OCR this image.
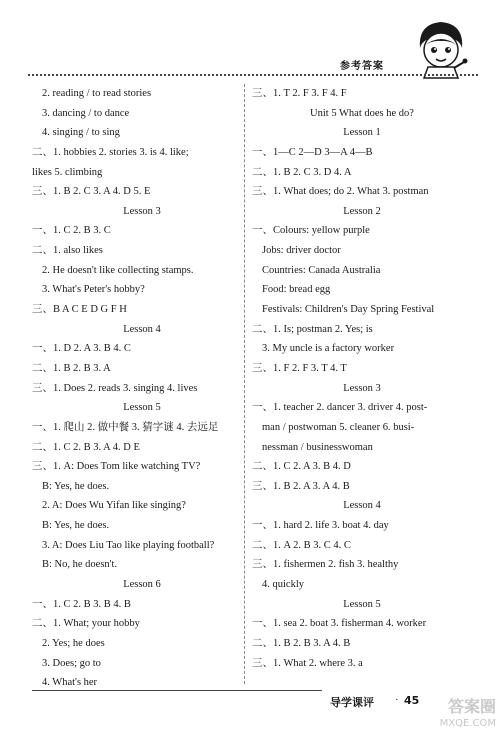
参考答案
2. reading / to read stories
3. dancing / to dance
4. singing / to sing
二、1. hobbies 2. stories 3. is 4. like;
likes 5. climbing
三、1. B 2. C 3. A 4. D 5. E
Lesson 3
一、1. C 2. B 3. C
二、1. also likes
2. He doesn't like collecting stamps.
3. What's Peter's hobby?
三、B A C E D G F H
Lesson 4
一、1. D 2. A 3. B 4. C
二、1. B 2. B 3. A
三、1. Does 2. reads 3. singing 4. lives
Lesson 5
一、1. 爬山 2. 做中餐 3. 猜字谜 4. 去远足
二、1. C 2. B 3. A 4. D E
三、1. A: Does Tom like watching TV?
B: Yes, he does.
2. A: Does Wu Yifan like singing?
B: Yes, he does.
3. A: Does Liu Tao like playing football?
B: No, he doesn't.
Lesson 6
一、1. C 2. B 3. B 4. B
二、1. What; your hobby
2. Yes; he does
3. Does; go to
4. What's her
三、1. T 2. F 3. F 4. F
Unit 5 What does he do?
Lesson 1
一、1—C 2—D 3—A 4—B
二、1. B 2. C 3. D 4. A
三、1. What does; do 2. What 3. postman
Lesson 2
一、Colours: yellow purple
Jobs: driver doctor
Countries: Canada Australia
Food: bread egg
Festivals: Children's Day Spring Festival
二、1. Is; postman 2. Yes; is
3. My uncle is a factory worker
三、1. F 2. F 3. T 4. T
Lesson 3
一、1. teacher 2. dancer 3. driver 4. post-
man / postwoman 5. cleaner 6. busi-
nessman / businesswoman
二、1. C 2. A 3. B 4. D
三、1. B 2. A 3. A 4. B
Lesson 4
一、1. hard 2. life 3. boat 4. day
二、1. A 2. B 3. C 4. C
三、1. fishermen 2. fish 3. healthy
4. quickly
Lesson 5
一、1. sea 2. boat 3. fisherman 4. worker
二、1. B 2. B 3. A 4. B
三、1. What 2. where 3. a
导学课评 · 45	答案圈
MXQE.COM
